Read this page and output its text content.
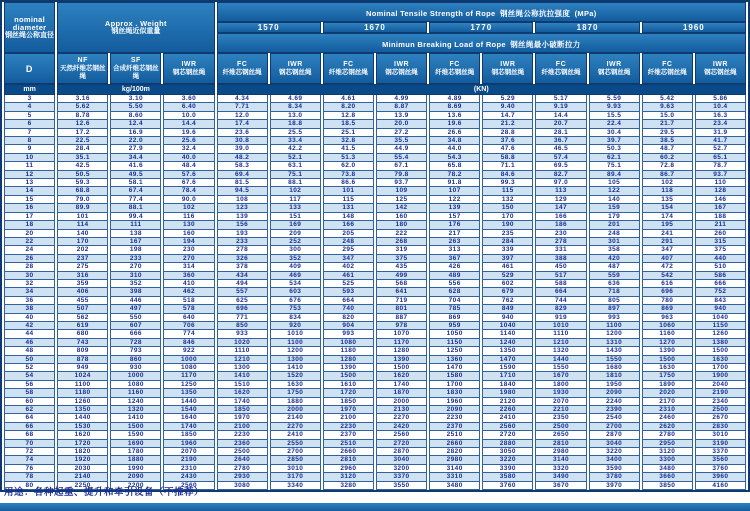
nominal diameter
钢丝绳公称直径

Approx . Weight
钢丝绳近似重量
	Nominal Tensile Strength of Rope 钢丝绳公称抗拉强度 (MPa)
				1570		1670		1770		1870		1960	
				Minimun Breaking Load of Rope 钢丝绳最小破断拉力									

D

NF
天然纤维芯钢丝绳

SF
合成纤维芯钢丝绳

IWR
钢芯钢丝绳

FC
纤维芯钢丝绳

IWR
钢芯钢丝绳

FC
纤维芯钢丝绳

IWR
钢芯钢丝绳

FC
纤维芯钢丝绳

IWR
钢芯钢丝绳

FC
纤维芯钢丝绳

IWR
钢芯钢丝绳

FC
纤维芯钢丝绳

IWR
钢芯钢丝绳

mm	kg/100m			(KN)									
3	3.16	3.10	3.60	4.34	4.69	4.61	4.99	4.89	5.29	5.17	5.59	5.42	5.86
4	5.62	5.50	6.40	7.71	8.34	8.20	8.87	8.69	9.40	9.19	9.93	9.63	10.4
5	8.78	8.60	10.0	12.0	13.0	12.8	13.9	13.6	14.7	14.4	15.5	15.0	16.3
6	12.6	12.4	14.4	17.4	18.8	18.5	20.0	19.6	21.2	20.7	22.4	21.7	23.4
7	17.2	16.9	19.6	23.6	25.5	25.1	27.2	26.6	28.8	28.1	30.4	29.5	31.9
8	22.5	22.0	25.6	30.8	33.4	32.8	35.5	34.8	37.6	36.7	39.7	38.5	41.7
9	28.4	27.9	32.4	39.0	42.2	41.5	44.9	44.0	47.6	46.5	50.3	48.7	52.7
10	35.1	34.4	40.0	48.2	52.1	51.3	55.4	54.3	58.8	57.4	62.1	60.2	65.1
11	42.5	41.6	48.4	58.3	63.1	62.0	67.1	65.8	71.1	69.5	75.1	72.8	78.7
12	50.5	49.5	57.6	69.4	75.1	73.8	79.8	78.2	84.6	82.7	89.4	86.7	93.7
13	59.3	58.1	67.6	81.5	88.1	86.6	93.7	91.8	99.3	97.0	105	102	110
14	68.8	67.4	78.4	94.5	102	101	109	107	115	113	122	118	128
15	79.0	77.4	90.0	108	117	115	125	122	132	129	140	135	146
16	89.9	88.1	102	123	133	131	142	139	150	147	159	154	167
17	101	99.4	116	139	151	148	160	157	170	166	179	174	188
18	114	111	130	156	169	166	180	176	190	186	201	195	211
20	140	138	160	193	209	205	222	217	235	230	248	241	260
22	170	167	194	233	252	248	268	263	284	278	301	291	315
24	202	198	230	278	300	295	319	313	339	331	358	347	375
26	237	233	270	326	352	347	375	367	397	388	420	407	440
28	275	270	314	378	409	402	435	426	461	450	487	472	510
30	316	310	360	434	469	461	499	489	529	517	559	542	586
32	359	352	410	494	534	525	568	556	602	588	636	616	666
34	406	398	462	557	603	593	641	628	679	664	718	696	752
36	455	446	518	625	676	664	719	704	762	744	805	780	843
38	507	497	578	696	753	740	801	785	849	829	897	869	940
40	562	550	640	771	834	820	887	869	940	919	993	963	1040
42	619	607	706	850	920	904	978	959	1040	1010	1100	1060	1150
44	680	666	774	933	1010	993	1070	1050	1140	1110	1200	1160	1260
46	743	728	846	1020	1100	1080	1170	1150	1240	1210	1310	1270	1380
48	809	793	922	1110	1200	1180	1280	1250	1350	1320	1430	1390	1500
50	878	860	1000	1210	1300	1280	1390	1360	1470	1440	1550	1500	1630
52	949	930	1080	1300	1410	1390	1500	1470	1590	1550	1680	1630	1700
54	1024	1000	1170	1410	1520	1500	1620	1580	1710	1670	1810	1750	1900
56	1100	1080	1250	1510	1630	1610	1740	1700	1840	1800	1950	1890	2040
58	1180	1160	1350	1620	1750	1720	1870	1830	1980	1930	2090	2020	2190
60	1260	1240	1440	1740	1880	1850	2000	1960	2120	2070	2240	2170	2340
62	1350	1320	1540	1850	2000	1970	2130	2090	2260	2210	2390	2310	2500
64	1440	1410	1640	1970	2140	2100	2270	2230	2410	2350	2540	2460	2670
66	1530	1500	1740	2100	2270	2230	2420	2370	2560	2500	2700	2620	2830
68	1620	1590	1850	2230	2410	2370	2560	2510	2720	2650	2870	2780	3010
70	1720	1690	1960	2360	2550	2510	2720	2660	2880	2810	3040	2950	3190
72	1820	1780	2070	2500	2700	2660	2870	2820	3050	2980	3220	3120	3370
74	1920	1880	2190	2640	2850	2810	3040	2980	3220	3140	3400	3300	3560
76	2030	1990	2310	2780	3010	2960	3200	3140	3390	3320	3590	3480	3760
78	2140	2090	2430	2930	3170	3120	3370	3310	3580	3490	3780	3660	3960
80	2250	2200	2560	3080	3340	3280	3550	3480	3760	3670	3970	3850	4160
用途：各种起重、提升和牵引设备（不推荐）
